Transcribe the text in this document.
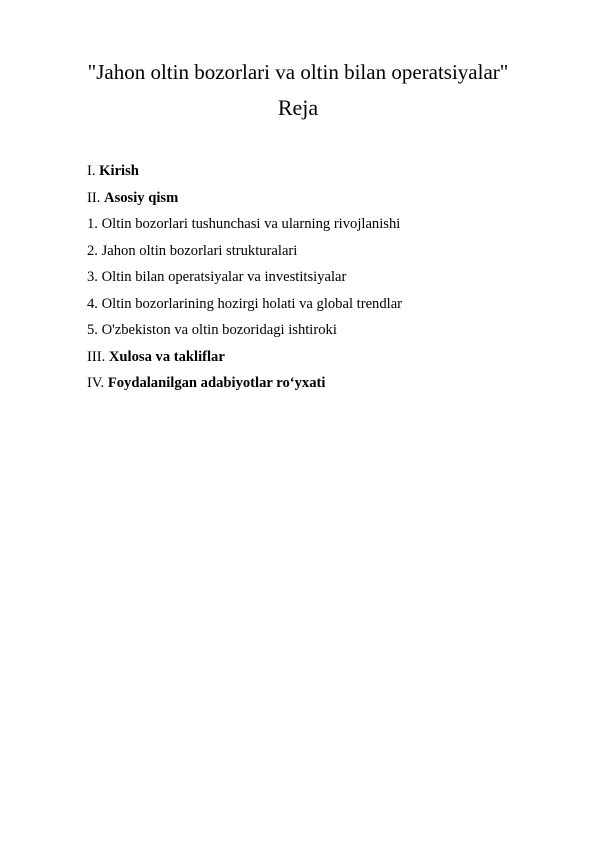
"Jahon oltin bozorlari va oltin bilan operatsiyalar"
Reja
I. Kirish
II. Asosiy qism
1. Oltin bozorlari tushunchasi va ularning rivojlanishi
2. Jahon oltin bozorlari strukturalari
3. Oltin bilan operatsiyalar va investitsiyalar
4. Oltin bozorlarining hozirgi holati va global trendlar
5. O'zbekiston va oltin bozoridagi ishtiroki
III. Xulosa va takliflar
IV. Foydalanilgan adabiyotlar ro‘yxati
